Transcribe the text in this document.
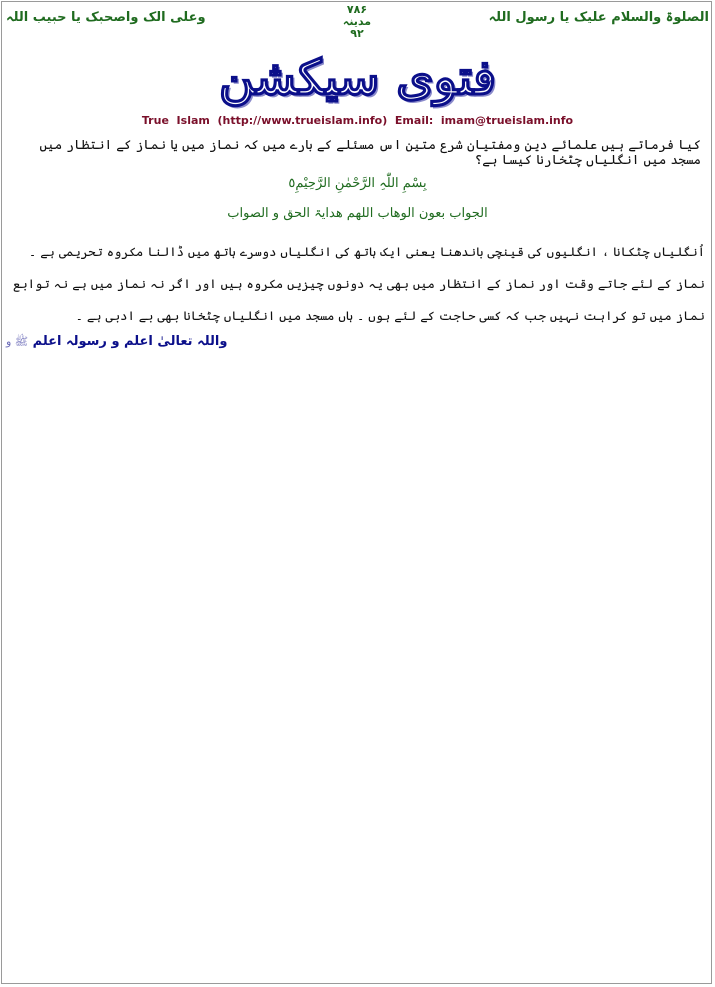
الصلوۃ والسلام علیک یا رسول اللہ
۷۸۶
مدینہ
۹۲
وعلی الک واصحبک یا حبیب اللہ
فتوی سیکشن
True  Islam  (http://www.trueislam.info)  Email:  imam@trueislam.info
کیا فرماتے ہیں علمائے دین ومفتیان شرع متین اس مسئلے کے بارے میں کہ نماز میں یا نماز کے انتظار میں مسجد میں انگلیاں چٹخارنا کیسا ہے؟
بِسْمِ اللّٰہِ الرَّحْمٰنِ الرَّحِیْمِ٥
الجواب بعون الوھاب اللھم ھدایۃ الحق و الصواب
اُنگلیاں چٹکانا ، انگلیوں کی قینچی باندھنا یعنی ایک ہاتھ کی انگلیاں دوسرے ہاتھ میں ڈالنا مکروہ تحریمی ہے ۔ نماز کے لئے جاتے وقت اور نماز کے انتظار میں بھی یہ دونوں چیزیں مکروہ ہیں اور اگر نہ نماز میں ہے نہ توابع نماز میں تو کراہت نہیں جب کہ کسی حاجت کے لئے ہوں ۔ ہاں مسجد میں انگلیاں چٹخانا بھی بے ادبی ہے ۔
واللہ تعالیٰ اعلم و رسولہ اعلم ﷺ و
